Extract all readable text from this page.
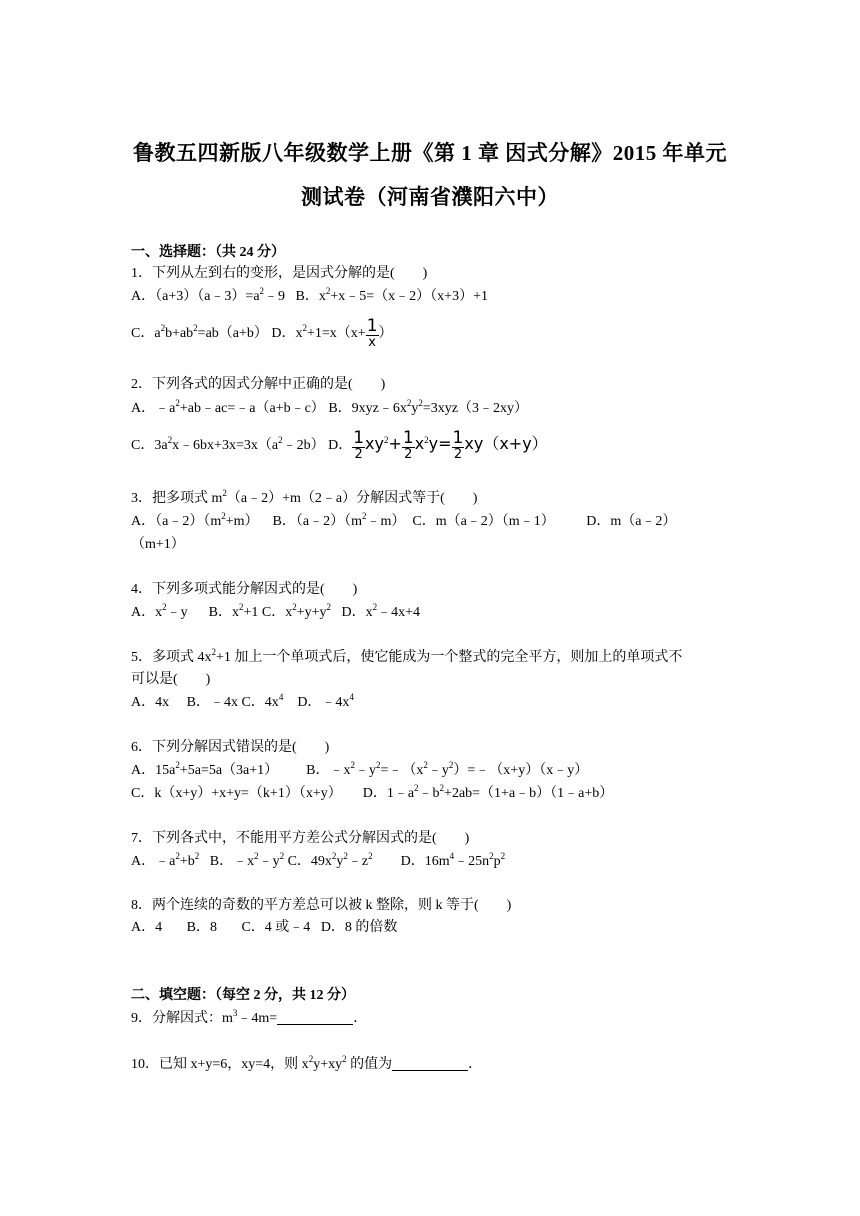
鲁教五四新版八年级数学上册《第 1 章 因式分解》2015 年单元
测试卷（河南省濮阳六中）
一、选择题：（共 24 分）
1．下列从左到右的变形，是因式分解的是(　　)
A．$(a+3)(a﹣3)=a^2﹣9$ B．$x^2+x﹣5=(x﹣2)(x+3)+1$
C．$a^2b+ab^2=ab(a+b)$ D．$x^2+1=x(x+ \frac{1}{x}$ ）
2．下列各式的因式分解中正确的是(　　)
A．$﹣a^2+ab﹣ac=﹣a(a+b﹣c)$ B．$9xyz﹣6x^2y^2=3xyz(3﹣2xy)$
C．$3a^2x﹣6bx+3x=3x(a^2﹣2b)$ D． $\frac{1}{2} xy^2+ \frac{1}{2} x^2y= \frac{1}{2} xy(x+y)$
3．把多项式 $m^2(a﹣2)+m(2﹣a)$分解因式等于(　　)
A．$(a﹣2)(m^2+m)$ B．$(a﹣2)(m^2﹣m)$ C．m（a﹣2）（m﹣1） D．m（a﹣2）
（m+1）
4．下列多项式能分解因式的是(　　)
A．$x^2﹣y$ B．$x^2+1$ C．$x^2+y+y^2$ D．$x^2﹣4x+4$
5．多项式 $4x^2+1$ 加上一个单项式后，使它能成为一个整式的完全平方，则加上的单项式不
可以是(　　)
A．4x B．﹣4x C．$4x^4$ D．$﹣4x^4$
6．下列分解因式错误的是(　　)
A．$15a^2+5a=5a(3a+1)$ B．$﹣x^2﹣y^2=﹣(x^2﹣y^2)=﹣(x+y)(x﹣y)$
C．k（x+y）+x+y=（k+1）（x+y） D．$1﹣a^2﹣b^2+2ab=(1+a﹣b)(1﹣a+b)$
7．下列各式中，不能用平方差公式分解因式的是(　　)
A．$﹣a^2+b^2$ B．$﹣x^2﹣y^2$ C．$49x^2y^2﹣z^2$ D．$16m^4﹣25n^2p^2$
8．两个连续的奇数的平方差总可以被 k 整除，则 k 等于(　　)
A．4 B．8 C．4 或﹣4 D．8 的倍数
二、填空题：（每空 2 分，共 12 分）
9．分解因式：$m^3﹣4m=$	．
10．已知 x+y=6，xy=4，则 $x^2y+xy^2$ 的值为	．
